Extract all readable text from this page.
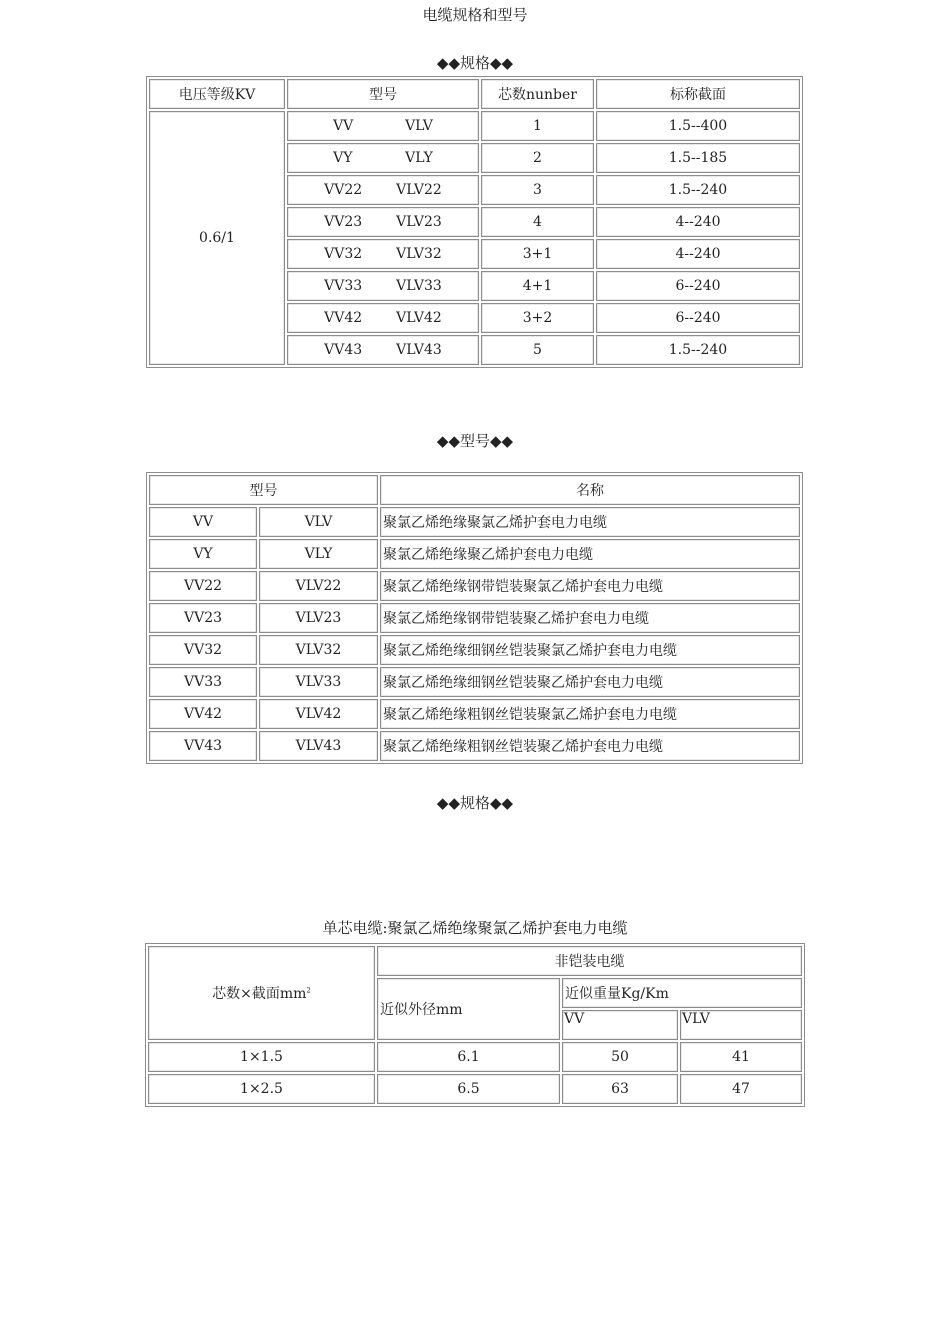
电缆规格和型号
◆◆规格◆◆
电压等级KV	型号	芯数nunber	标称截面
0.6/1	VV VLV	1	1.5--400
	VY VLY	2	1.5--185
	VV22 VLV22	3	1.5--240
	VV23 VLV23	4	4--240
	VV32 VLV32	3+1	4--240
	VV33 VLV33	4+1	6--240
	VV42 VLV42	3+2	6--240
	VV43 VLV43	5	1.5--240
◆◆型号◆◆
型号		名称
VV	VLV	聚氯乙烯绝缘聚氯乙烯护套电力电缆
VY	VLY	聚氯乙烯绝缘聚乙烯护套电力电缆
VV22	VLV22	聚氯乙烯绝缘钢带铠装聚氯乙烯护套电力电缆
VV23	VLV23	聚氯乙烯绝缘钢带铠装聚乙烯护套电力电缆
VV32	VLV32	聚氯乙烯绝缘细钢丝铠装聚氯乙烯护套电力电缆
VV33	VLV33	聚氯乙烯绝缘细钢丝铠装聚乙烯护套电力电缆
VV42	VLV42	聚氯乙烯绝缘粗钢丝铠装聚氯乙烯护套电力电缆
VV43	VLV43	聚氯乙烯绝缘粗钢丝铠装聚乙烯护套电力电缆
◆◆规格◆◆
单芯电缆:聚氯乙烯绝缘聚氯乙烯护套电力电缆
芯数×截面$mm^2$	非铠装电缆		
	近似外径mm	近似重量Kg/Km	
		VV	VLV
1×1.5	6.1	50	41
1×2.5	6.5	63	47
